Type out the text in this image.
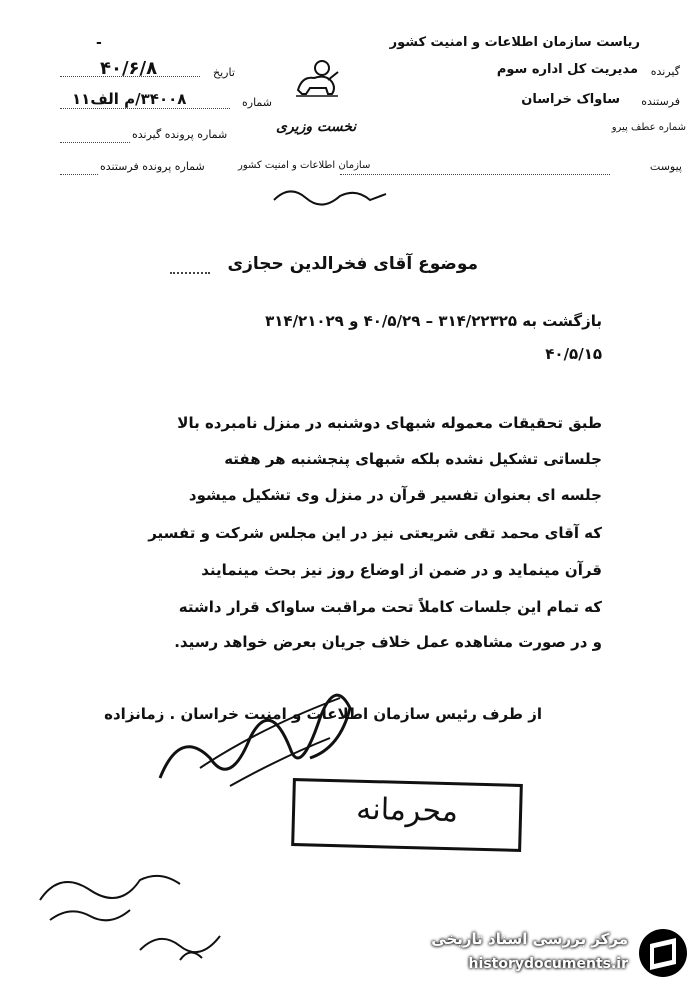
ریاست سازمان اطلاعات و امنیت کشور
-
گیرنده
مدیریت کل اداره سوم
تاریخ
۴۰/۶/۸
فرستنده
ساواک خراسان
شماره
۳۴۰۰۸/م الف۱۱
شماره عطف پیرو
نخست وزیری
شماره پرونده گیرنده
پیوست
سازمان اطلاعات و امنیت کشور
شماره پرونده فرستنده
موضوع آقای فخرالدین حجازی
بازگشت به ۳۱۴/۲۲۳۲۵ – ۴۰/۵/۲۹ و ۳۱۴/۲۱۰۲۹
۴۰/۵/۱۵
طبق تحقیقات معموله شبهای دوشنبه در منزل نامبرده بالا
جلساتی تشکیل نشده بلکه شبهای پنجشنبه هر هفته
جلسه ای بعنوان تفسیر قرآن در منزل وی تشکیل میشود
که آقای محمد تقی شریعتی نیز در این مجلس شرکت و تفسیر
قرآن مینماید و در ضمن از اوضاع روز نیز بحث مینمایند
که تمام این جلسات کاملاً تحت مراقبت ساواک قرار داشته
و در صورت مشاهده عمل خلاف جریان بعرض خواهد رسید.
از طرف رئیس سازمان اطلاعات و امنیت خراسان . زمانزاده
محرمانه
مرکز بررسی اسناد تاریخی
historydocuments.ir
